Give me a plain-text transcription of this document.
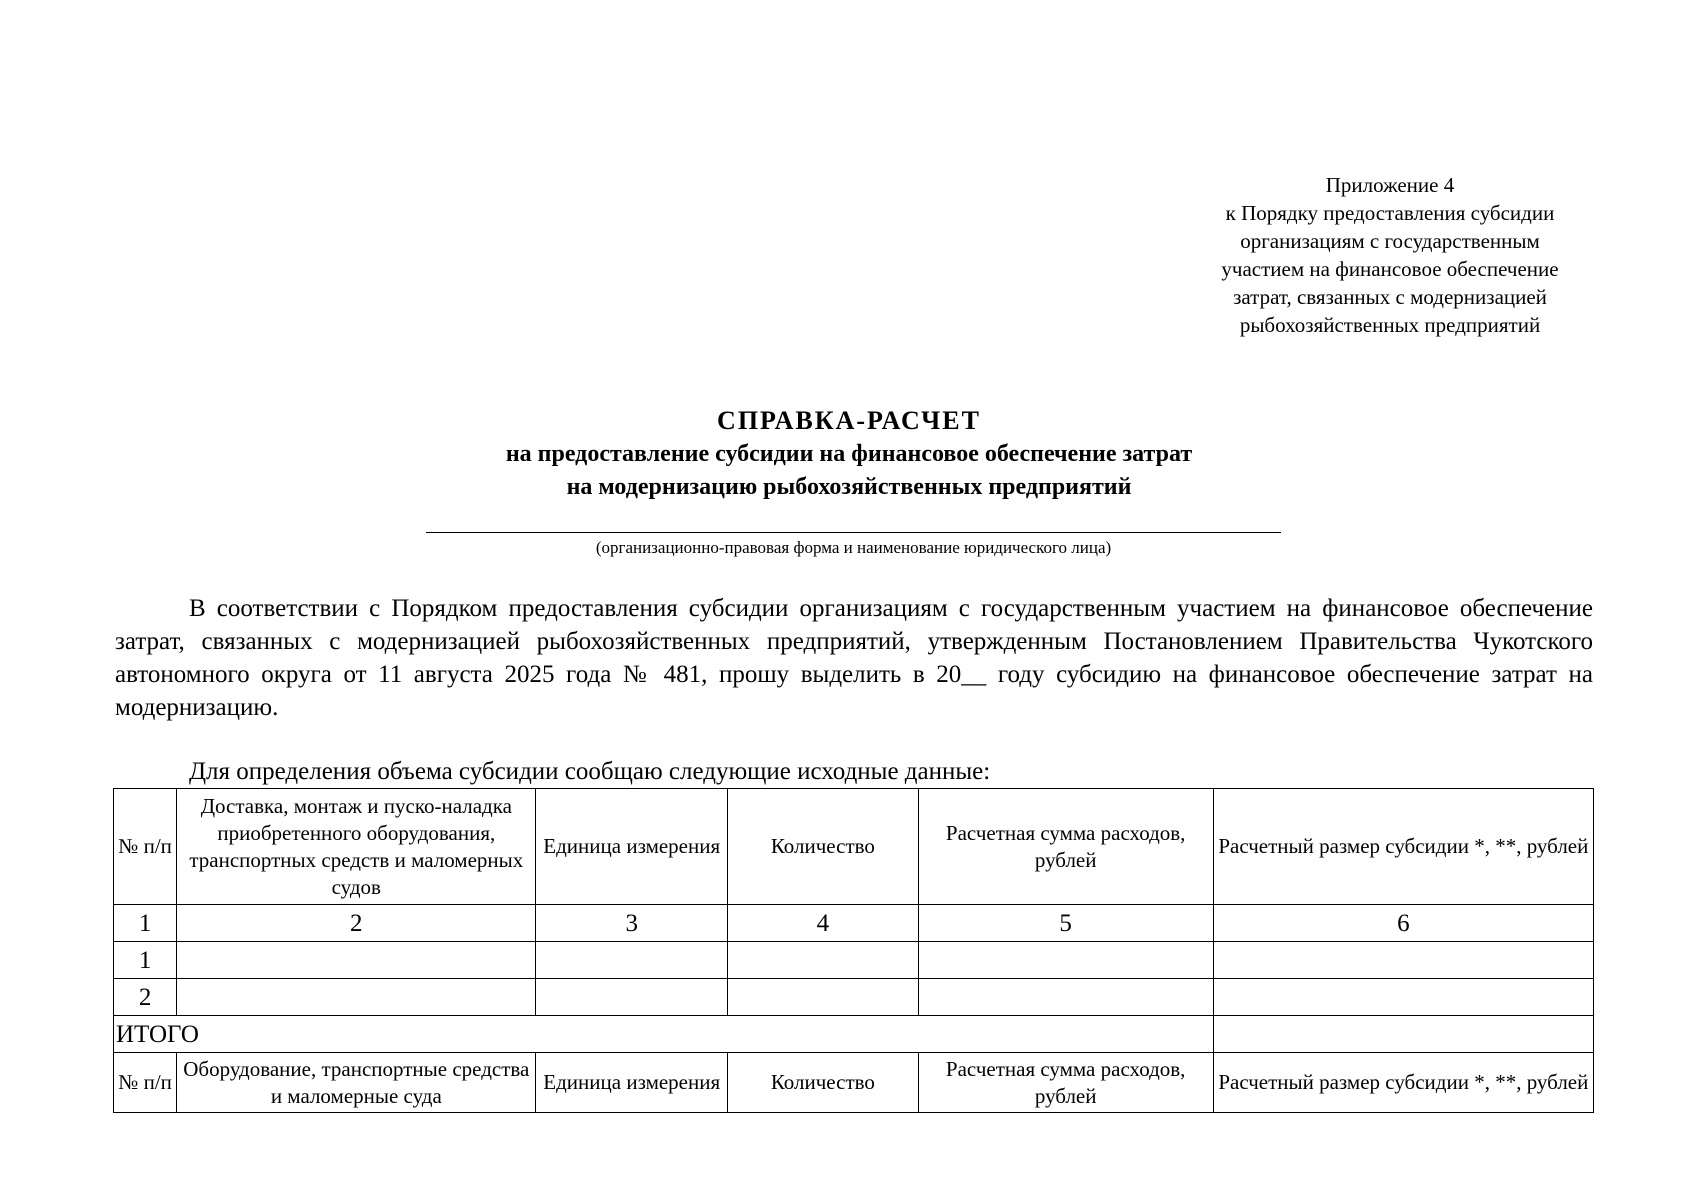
Приложение 4
к Порядку предоставления субсидии
организациям с государственным
участием на финансовое обеспечение
затрат, связанных с модернизацией
рыбохозяйственных предприятий
СПРАВКА-РАСЧЕТ
на предоставление субсидии на финансовое обеспечение затрат
на модернизацию рыбохозяйственных предприятий
(организационно-правовая форма и наименование юридического лица)
В соответствии с Порядком предоставления субсидии организациям с государственным участием на финансовое обеспечение затрат, связанных с модернизацией рыбохозяйственных предприятий, утвержденным Постановлением Правительства Чукотского автономного округа от 11 августа 2025 года № 481, прошу выделить в 20__ году субсидию на финансовое обеспечение затрат на модернизацию.
Для определения объема субсидии сообщаю следующие исходные данные:
№ п/п	Доставка, монтаж и пуско-наладка приобретенного оборудования, транспортных средств и маломерных судов	Единица измерения	Количество	Расчетная сумма расходов, рублей	Расчетный размер субсидии *, **, рублей
1	2	3	4	5	6
1					
2					
ИТОГО					
№ п/п	Оборудование, транспортные средства и маломерные суда	Единица измерения	Количество	Расчетная сумма расходов, рублей	Расчетный размер субсидии *, **, рублей
